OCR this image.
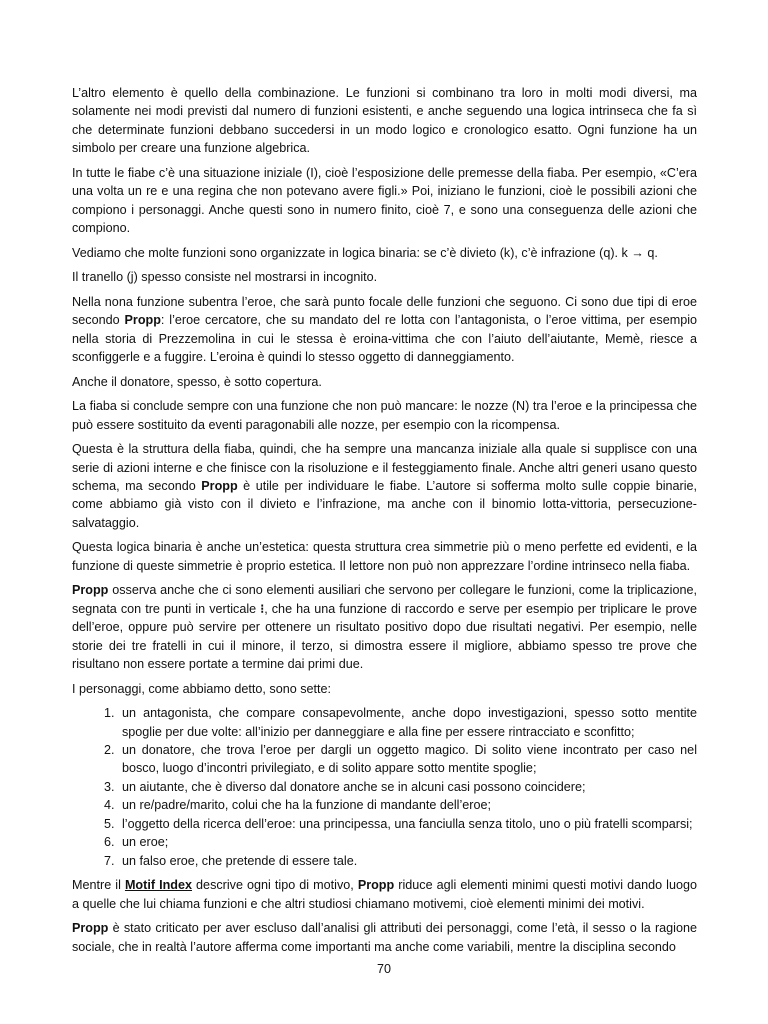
L’altro elemento è quello della combinazione. Le funzioni si combinano tra loro in molti modi diversi, ma solamente nei modi previsti dal numero di funzioni esistenti, e anche seguendo una logica intrinseca che fa sì che determinate funzioni debbano succedersi in un modo logico e cronologico esatto. Ogni funzione ha un simbolo per creare una funzione algebrica.

In tutte le fiabe c’è una situazione iniziale (I), cioè l’esposizione delle premesse della fiaba. Per esempio, «C’era una volta un re e una regina che non potevano avere figli.» Poi, iniziano le funzioni, cioè le possibili azioni che compiono i personaggi. Anche questi sono in numero finito, cioè 7, e sono una conseguenza delle azioni che compiono.

Vediamo che molte funzioni sono organizzate in logica binaria: se c’è divieto (k), c’è infrazione (q). k → q.

Il tranello (j) spesso consiste nel mostrarsi in incognito.

Nella nona funzione subentra l’eroe, che sarà punto focale delle funzioni che seguono. Ci sono due tipi di eroe secondo Propp: l’eroe cercatore, che su mandato del re lotta con l’antagonista, o l’eroe vittima, per esempio nella storia di Prezzemolina in cui le stessa è eroina-vittima che con l’aiuto dell’aiutante, Memè, riesce a sconfiggerle e a fuggire. L’eroina è quindi lo stesso oggetto di danneggiamento.

Anche il donatore, spesso, è sotto copertura.

La fiaba si conclude sempre con una funzione che non può mancare: le nozze (N) tra l’eroe e la principessa che può essere sostituito da eventi paragonabili alle nozze, per esempio con la ricompensa.

Questa è la struttura della fiaba, quindi, che ha sempre una mancanza iniziale alla quale si supplisce con una serie di azioni interne e che finisce con la risoluzione e il festeggiamento finale. Anche altri generi usano questo schema, ma secondo Propp è utile per individuare le fiabe. L’autore si sofferma molto sulle coppie binarie, come abbiamo già visto con il divieto e l’infrazione, ma anche con il binomio lotta-vittoria, persecuzione-salvataggio.

Questa logica binaria è anche un’estetica: questa struttura crea simmetrie più o meno perfette ed evidenti, e la funzione di queste simmetrie è proprio estetica. Il lettore non può non apprezzare l’ordine intrinseco nella fiaba.

Propp osserva anche che ci sono elementi ausiliari che servono per collegare le funzioni, come la triplicazione, segnata con tre punti in verticale ⁝, che ha una funzione di raccordo e serve per esempio per triplicare le prove dell’eroe, oppure può servire per ottenere un risultato positivo dopo due risultati negativi. Per esempio, nelle storie dei tre fratelli in cui il minore, il terzo, si dimostra essere il migliore, abbiamo spesso tre prove che risultano non essere portate a termine dai primi due.

I personaggi, come abbiamo detto, sono sette:

1. un antagonista, che compare consapevolmente, anche dopo investigazioni, spesso sotto mentite spoglie per due volte: all’inizio per danneggiare e alla fine per essere rintracciato e sconfitto;
2. un donatore, che trova l’eroe per dargli un oggetto magico. Di solito viene incontrato per caso nel bosco, luogo d’incontri privilegiato, e di solito appare sotto mentite spoglie;
3. un aiutante, che è diverso dal donatore anche se in alcuni casi possono coincidere;
4. un re/padre/marito, colui che ha la funzione di mandante dell’eroe;
5. l’oggetto della ricerca dell’eroe: una principessa, una fanciulla senza titolo, uno o più fratelli scomparsi;
6. un eroe;
7. un falso eroe, che pretende di essere tale.

Mentre il Motif Index descrive ogni tipo di motivo, Propp riduce agli elementi minimi questi motivi dando luogo a quelle che lui chiama funzioni e che altri studiosi chiamano motivemi, cioè elementi minimi dei motivi.

Propp è stato criticato per aver escluso dall’analisi gli attributi dei personaggi, come l’età, il sesso o la ragione sociale, che in realtà l’autore afferma come importanti ma anche come variabili, mentre la disciplina secondo

70
